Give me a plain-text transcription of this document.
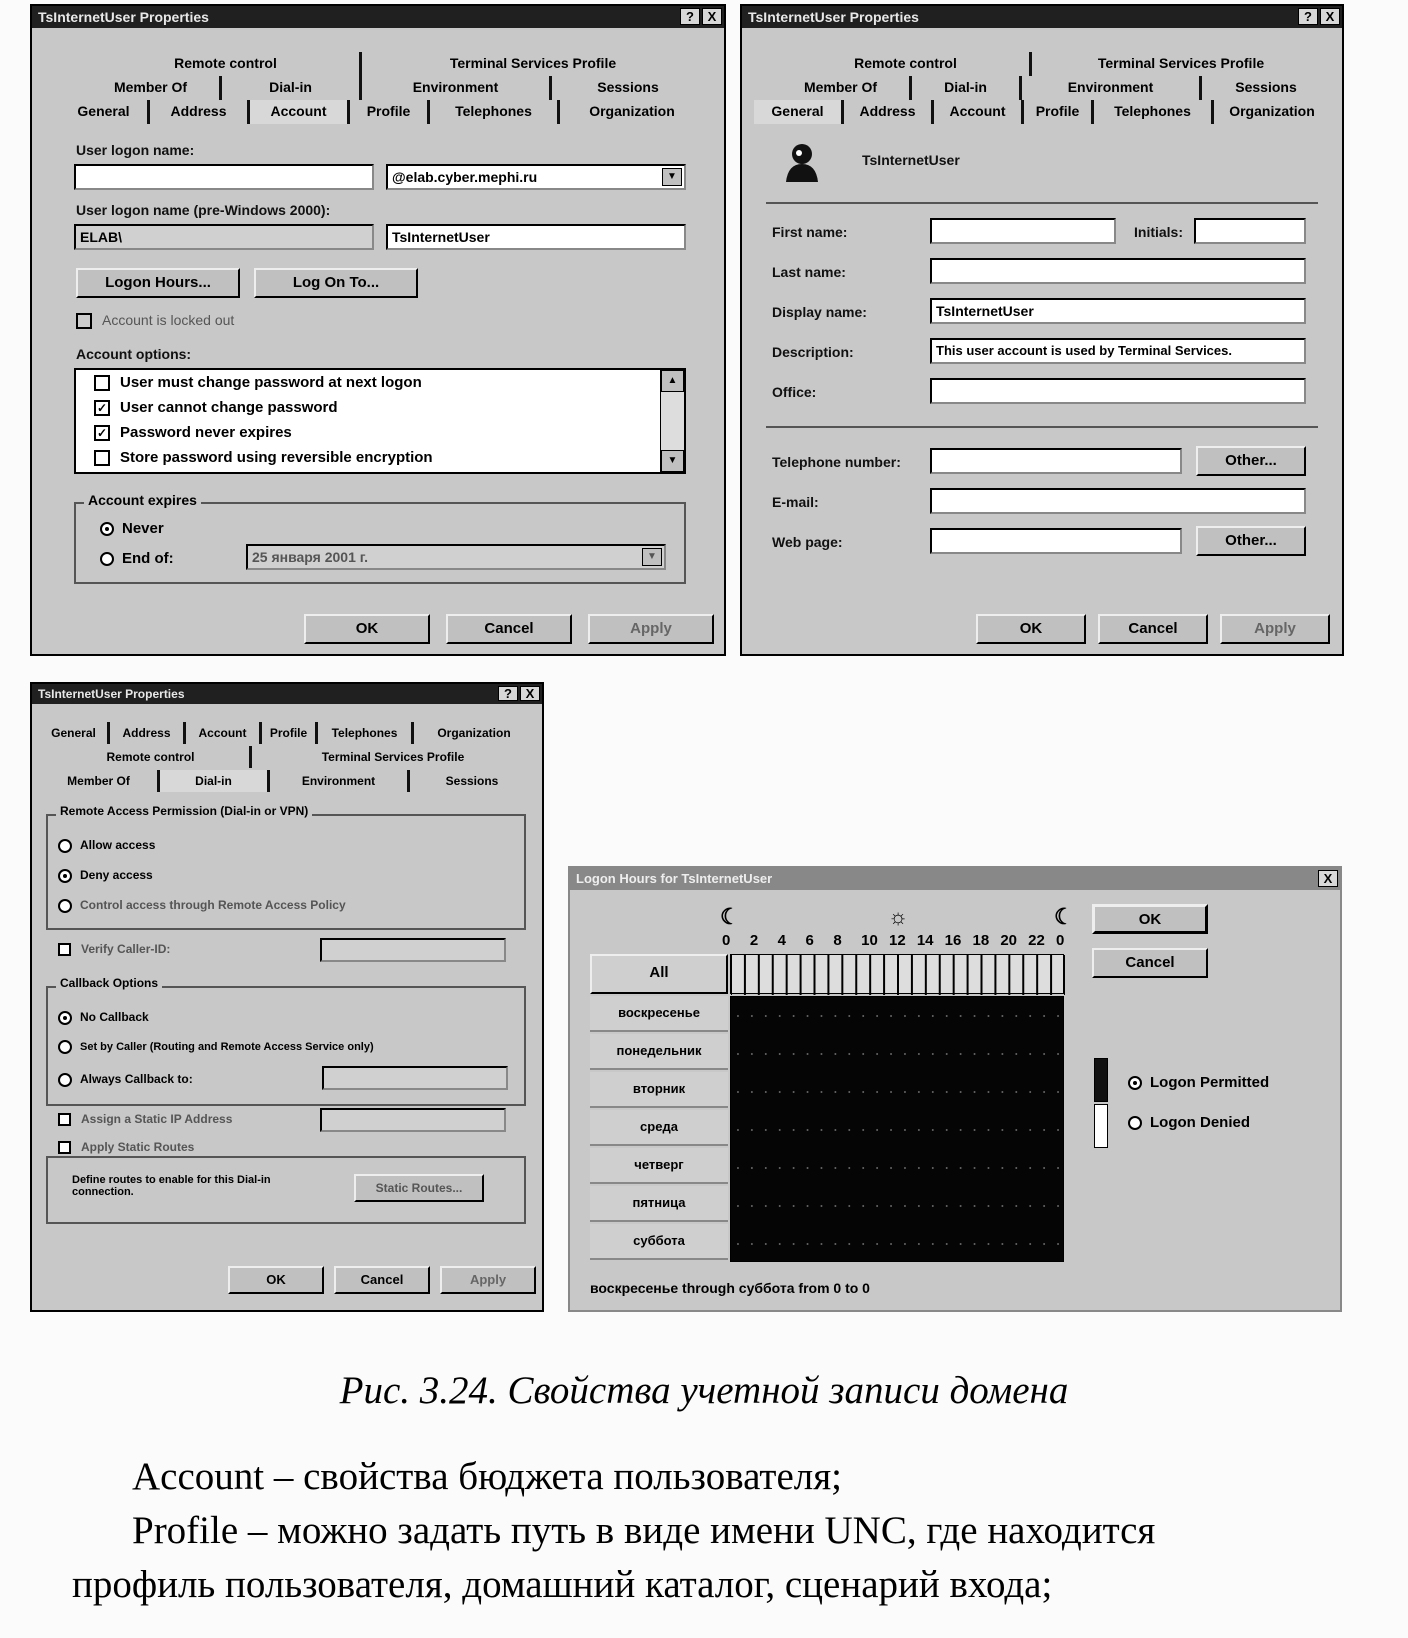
TsInternetUser Properties	?	X
Remote control	Terminal Services Profile
Member Of	Dial-in	Environment	Sessions
General	Address	Account	Profile	Telephones	Organization
User logon name:
@elab.cyber.mephi.ru	▼
User logon name (pre-Windows 2000):
ELAB\	TsInternetUser
Logon Hours...	Log On To...
Account is locked out
Account options:
User must change password at next logon
✓ User cannot change password
✓ Password never expires
Store password using reversible encryption
▲
▼
Account expires
Never
End of:	25 января 2001 г.	▼
OK	Cancel	Apply
TsInternetUser Properties	?	X
Remote control	Terminal Services Profile
Member Of	Dial-in	Environment	Sessions
General	Address	Account	Profile	Telephones	Organization
TsInternetUser
First name:	Initials:
Last name:
Display name:	TsInternetUser
Description:	This user account is used by Terminal Services.
Office:
Telephone number:	Other...
E-mail:
Web page:	Other...
OK	Cancel	Apply
TsInternetUser Properties	?	X
General	Address	Account	Profile	Telephones	Organization
Remote control	Terminal Services Profile
Member Of	Dial-in	Environment	Sessions
Remote Access Permission (Dial-in or VPN)
Allow access
Deny access
Control access through Remote Access Policy
Verify Caller-ID:
Callback Options
No Callback
Set by Caller (Routing and Remote Access Service only)
Always Callback to:
Assign a Static IP Address
Apply Static Routes
Define routes to enable for this Dial-in connection.	Static Routes...
OK	Cancel	Apply
Logon Hours for TsInternetUser	X
☾	☼	☾
0 2 4 6 8 10 12 14 16 18 20 22 0
All
воскресенье
понедельник
вторник
среда
четверг
пятница
суббота
OK
Cancel
Logon Permitted
Logon Denied
воскресенье through суббота from 0 to 0
Рис. 3.24. Свойства учетной записи домена
Account – свойства бюджета пользователя;
Profile – можно задать путь в виде имени UNC, где находится
профиль пользователя, домашний каталог, сценарий входа;
